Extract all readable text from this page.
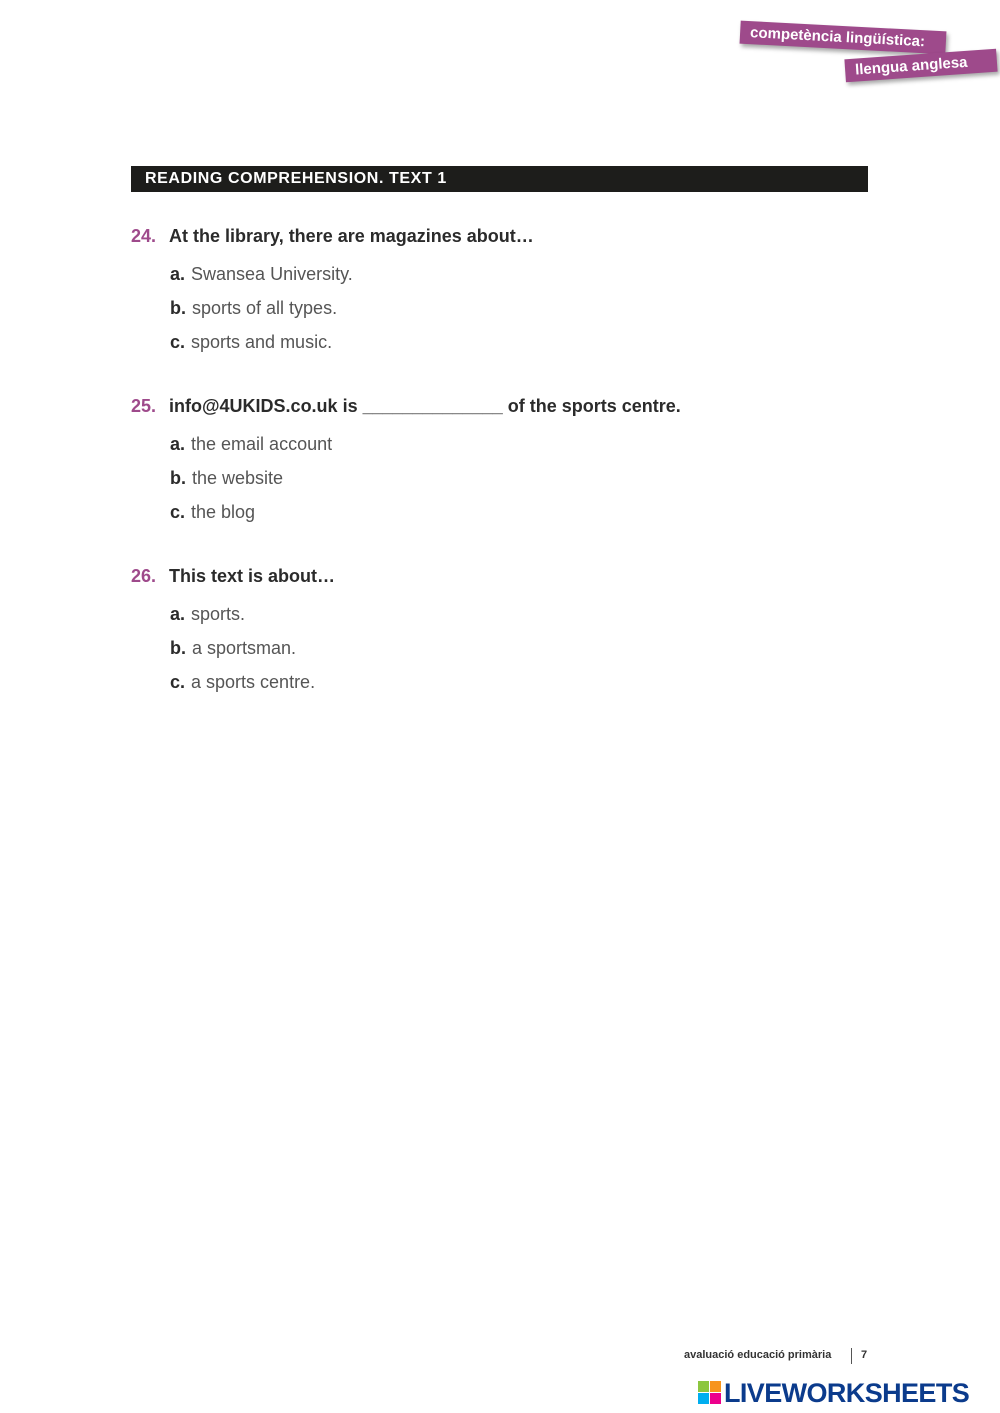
competència lingüística:
llengua anglesa
READING COMPREHENSION. TEXT 1
24. At the library, there are magazines about…
a. Swansea University.
b. sports of all types.
c. sports and music.
25. info@4UKIDS.co.uk is ______________ of the sports centre.
a. the email account
b. the website
c. the blog
26. This text is about…
a. sports.
b. a sportsman.
c. a sports centre.
avaluació educació primària	7
LIVEWORKSHEETS
